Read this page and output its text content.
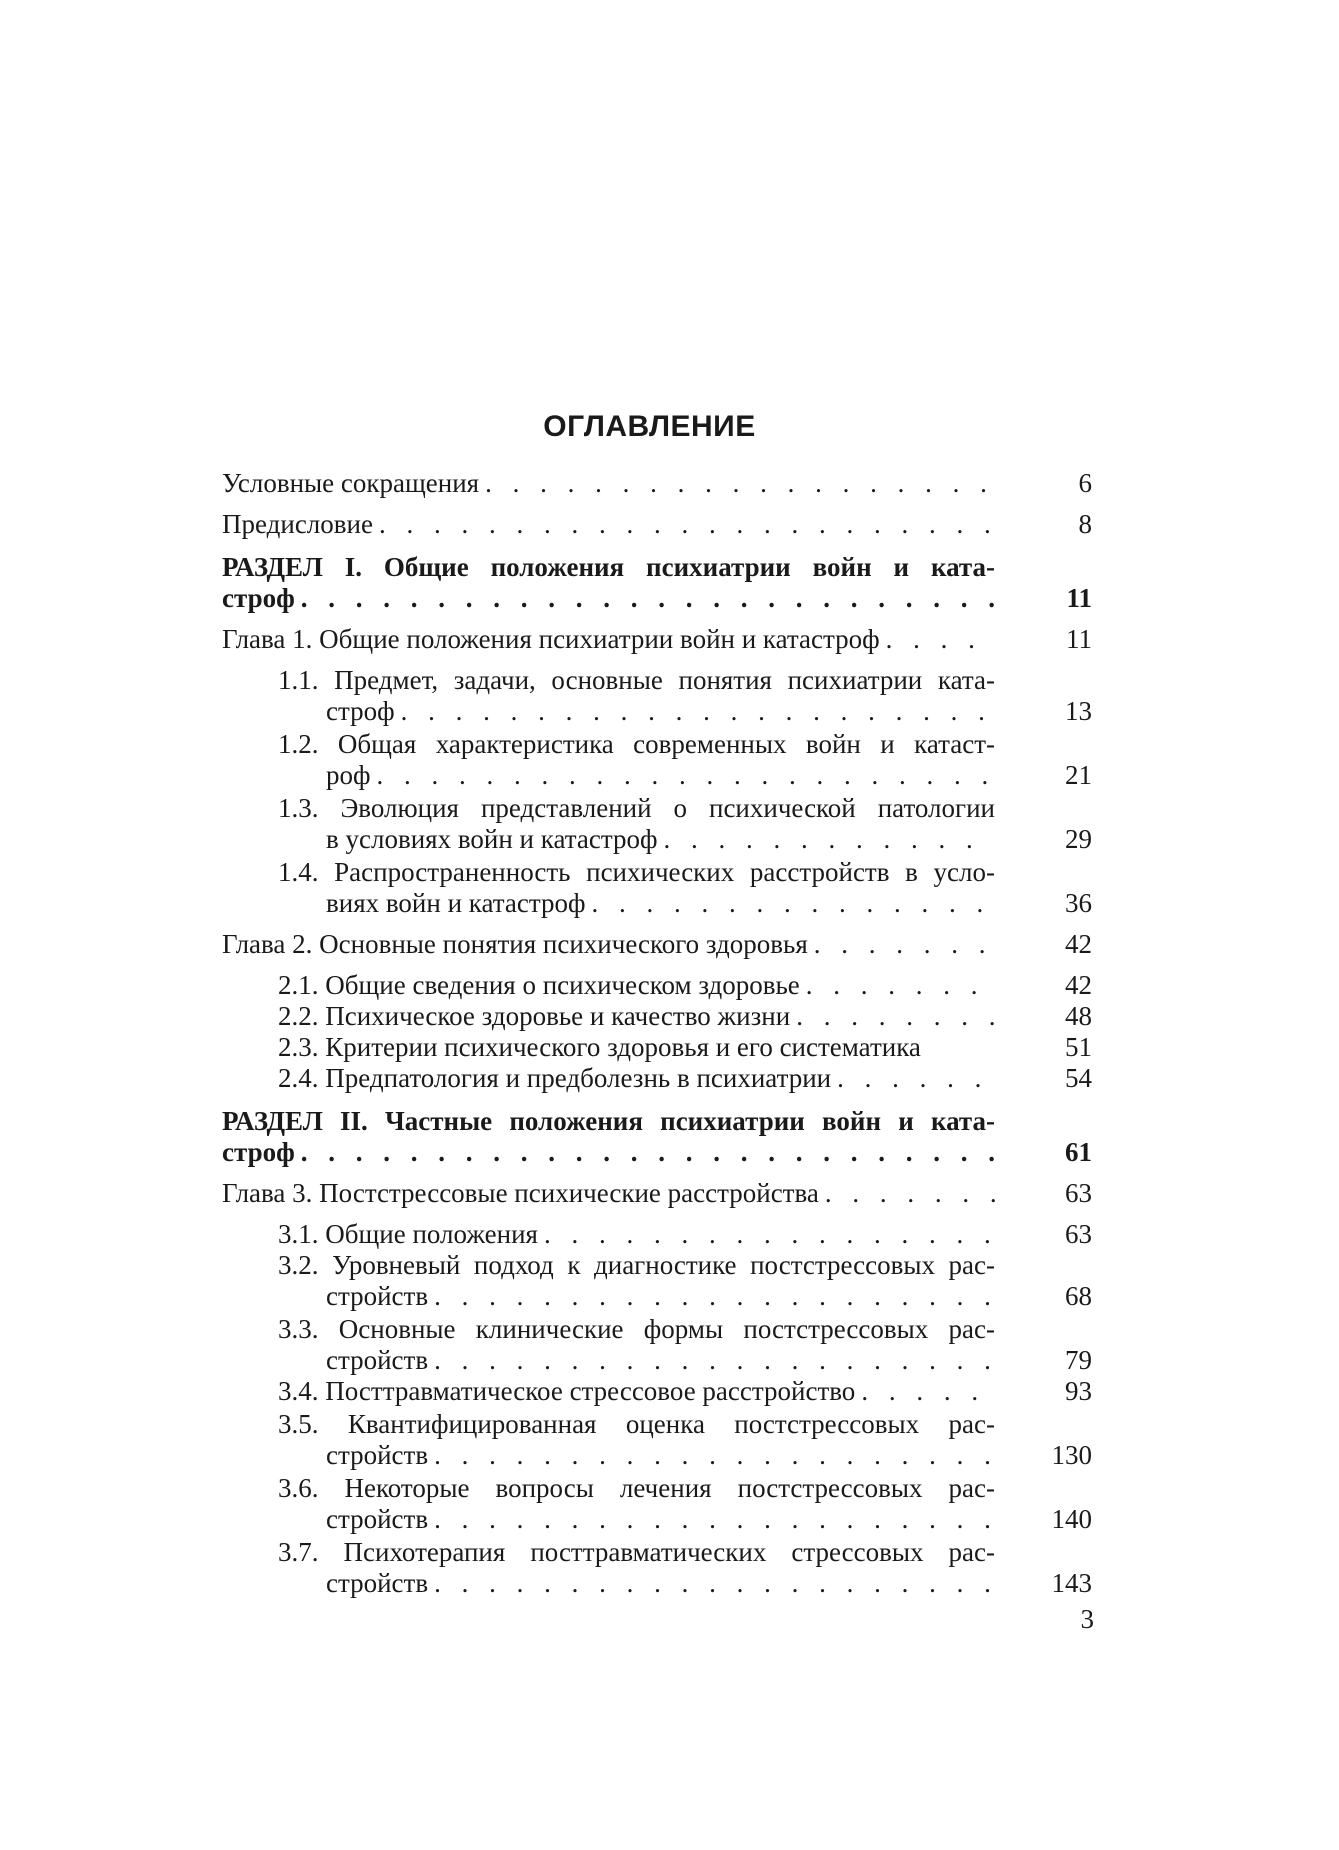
ОГЛАВЛЕНИЕ
Условные сокращения . . .	6
Предисловие . . .	8
РАЗДЕЛ I. Общие положения психиатрии войн и ката-
строф . . .	11
Глава 1. Общие положения психиатрии войн и катастроф . . .	11
1.1. Предмет, задачи, основные понятия психиатрии ката-
строф . . .	13
1.2. Общая характеристика современных войн и катаст-
роф . . .	21
1.3. Эволюция представлений о психической патологии
в условиях войн и катастроф . . .	29
1.4. Распространенность психических расстройств в усло-
виях войн и катастроф . . .	36
Глава 2. Основные понятия психического здоровья . . .	42
2.1. Общие сведения о психическом здоровье . . .	42
2.2. Психическое здоровье и качество жизни . . .	48
2.3. Критерии психического здоровья и его систематика	51
2.4. Предпатология и предболезнь в психиатрии . . .	54
РАЗДЕЛ II. Частные положения психиатрии войн и ката-
строф . . .	61
Глава 3. Постстрессовые психические расстройства . . .	63
3.1. Общие положения . . .	63
3.2. Уровневый подход к диагностике постстрессовых рас-
стройств . . .	68
3.3. Основные клинические формы постстрессовых рас-
стройств . . .	79
3.4. Посттравматическое стрессовое расстройство . . .	93
3.5. Квантифицированная оценка постстрессовых рас-
стройств . . .	130
3.6. Некоторые вопросы лечения постстрессовых рас-
стройств . . .	140
3.7. Психотерапия посттравматических стрессовых рас-
стройств . . .	143
3
